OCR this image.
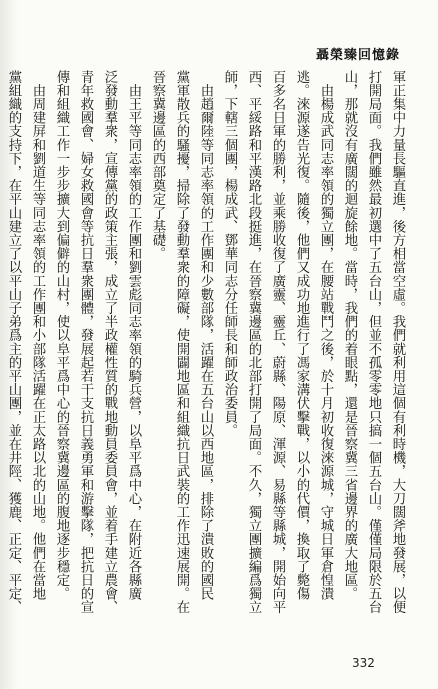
聶榮臻回憶錄
軍正集中力量長驅直進，後方相當空虛。我們就利用這個有利時機，大刀闊斧地發展，以便
打開局面。我們雖然最初選中了五台山，但並不孤零零地只搞一個五台山。僅僅局限於五台
山，那就沒有廣闊的迴旋餘地。當時，我們的着眼點，還是晉察冀三省邊界的廣大地區。
　由楊成武同志率領的獨立團，在腰站戰鬥之後，於十月初收復淶源城，守城日軍倉惶潰
逃。淶源遂告光復。隨後，他們又成功地進行了馮家溝伏擊戰，以小的代價，換取了斃傷
百多名日軍的勝利，並乘勝收復了廣靈、靈丘、蔚縣、陽原、渾源、易縣等縣城，開始向平
西、平綏路和平漢路北段挺進，在晉察冀邊區的北部打開了局面。不久，獨立團擴編爲獨立
師，下轄三個團，楊成武、鄧華同志分任師長和師政治委員。
　由趙爾陸等同志率領的工作團和少數部隊，活躍在五台山以西地區，排除了潰敗的國民
黨軍散兵的騷擾，掃除了發動羣衆的障礙，使開闢地區和組織抗日武裝的工作迅速展開。在
晉察冀邊區的西部奠定了基礎。
　由王平等同志率領的工作團和劉雲彪同志率領的騎兵營，以阜平爲中心，在附近各縣廣
泛發動羣衆，宣傳黨的政策主張，成立了半政權性質的戰地動員委員會，並着手建立農會、
青年救國會、婦女救國會等抗日羣衆團體，發展起若干支抗日義勇軍和游擊隊，把抗日的宣
傳和組織工作一步步擴大到偏僻的山村，使以阜平爲中心的晉察冀邊區的腹地逐步穩定。
　由周建屏和劉道生等同志率領的工作團和小部隊活躍在正太路以北的山地。他們在當地
黨組織的支持下，在平山建立了以平山子弟爲主的平山團，並在井陘、獲鹿、正定、平定、
332
